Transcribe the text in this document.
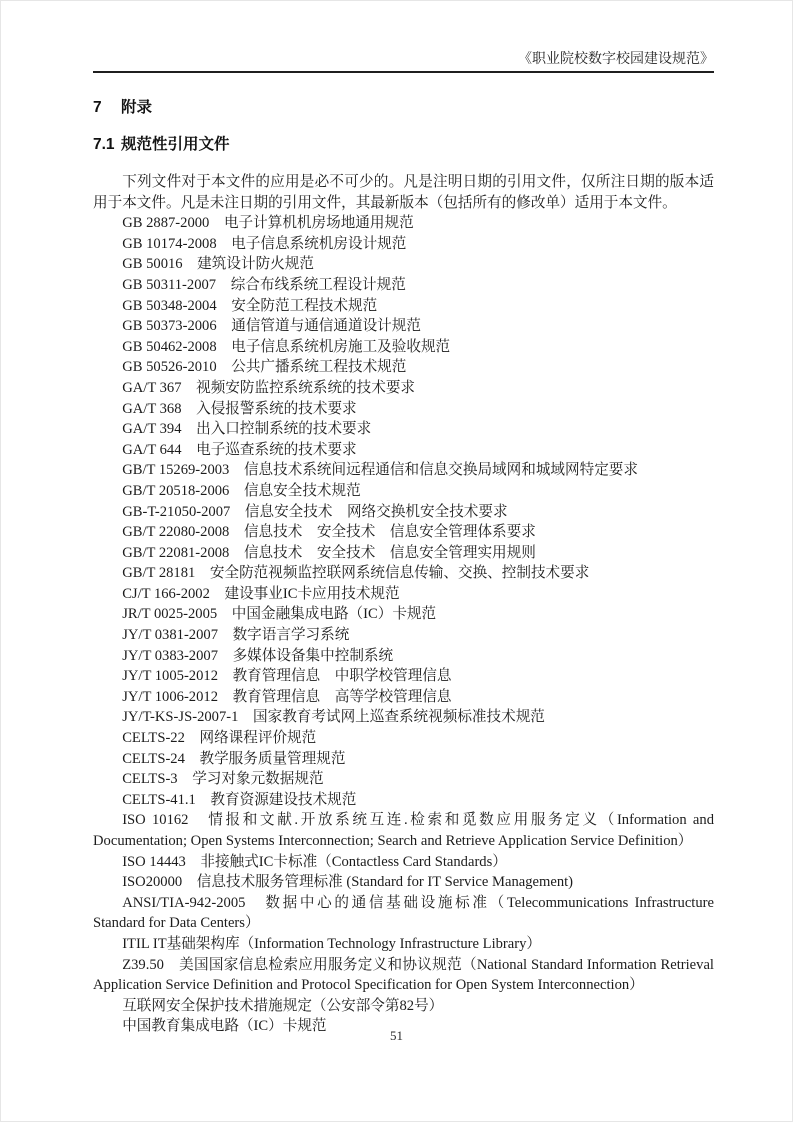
《职业院校数字校园建设规范》
7 附录
7.1 规范性引用文件

下列文件对于本文件的应用是必不可少的。凡是注明日期的引用文件，仅所注日期的版本适用于本文件。凡是未注日期的引用文件，其最新版本（包括所有的修改单）适用于本文件。

GB 2887-2000　电子计算机机房场地通用规范

GB 10174-2008　电子信息系统机房设计规范

GB 50016　建筑设计防火规范

GB 50311-2007　综合布线系统工程设计规范

GB 50348-2004　安全防范工程技术规范

GB 50373-2006　通信管道与通信通道设计规范

GB 50462-2008　电子信息系统机房施工及验收规范

GB 50526-2010　公共广播系统工程技术规范

GA/T 367　视频安防监控系统系统的技术要求

GA/T 368　入侵报警系统的技术要求

GA/T 394　出入口控制系统的技术要求

GA/T 644　电子巡查系统的技术要求

GB/T 15269-2003　信息技术系统间远程通信和信息交换局域网和城域网特定要求

GB/T 20518-2006　信息安全技术规范

GB-T-21050-2007　信息安全技术　网络交换机安全技术要求

GB/T 22080-2008　信息技术　安全技术　信息安全管理体系要求

GB/T 22081-2008　信息技术　安全技术　信息安全管理实用规则

GB/T 28181　安全防范视频监控联网系统信息传输、交换、控制技术要求

CJ/T 166-2002　建设事业IC卡应用技术规范

JR/T 0025-2005　中国金融集成电路（IC）卡规范

JY/T 0381-2007　数字语言学习系统

JY/T 0383-2007　多媒体设备集中控制系统

JY/T 1005-2012　教育管理信息　中职学校管理信息

JY/T 1006-2012　教育管理信息　高等学校管理信息

JY/T-KS-JS-2007-1　国家教育考试网上巡查系统视频标准技术规范

CELTS-22　网络课程评价规范

CELTS-24　教学服务质量管理规范

CELTS-3　学习对象元数据规范

CELTS-41.1　教育资源建设技术规范

ISO 10162　情报和文献.开放系统互连.检索和觅数应用服务定义（Information and Documentation; Open Systems Interconnection; Search and Retrieve Application Service Definition）

ISO 14443　非接触式IC卡标准（Contactless Card Standards）

ISO20000　信息技术服务管理标准 (Standard for IT Service Management)

ANSI/TIA-942-2005　数据中心的通信基础设施标准（Telecommunications Infrastructure Standard for Data Centers）

ITIL IT基础架构库（Information Technology Infrastructure Library）

Z39.50　美国国家信息检索应用服务定义和协议规范（National Standard Information Retrieval Application Service Definition and Protocol Specification for Open System Interconnection）

互联网安全保护技术措施规定（公安部令第82号）

中国教育集成电路（IC）卡规范

51
